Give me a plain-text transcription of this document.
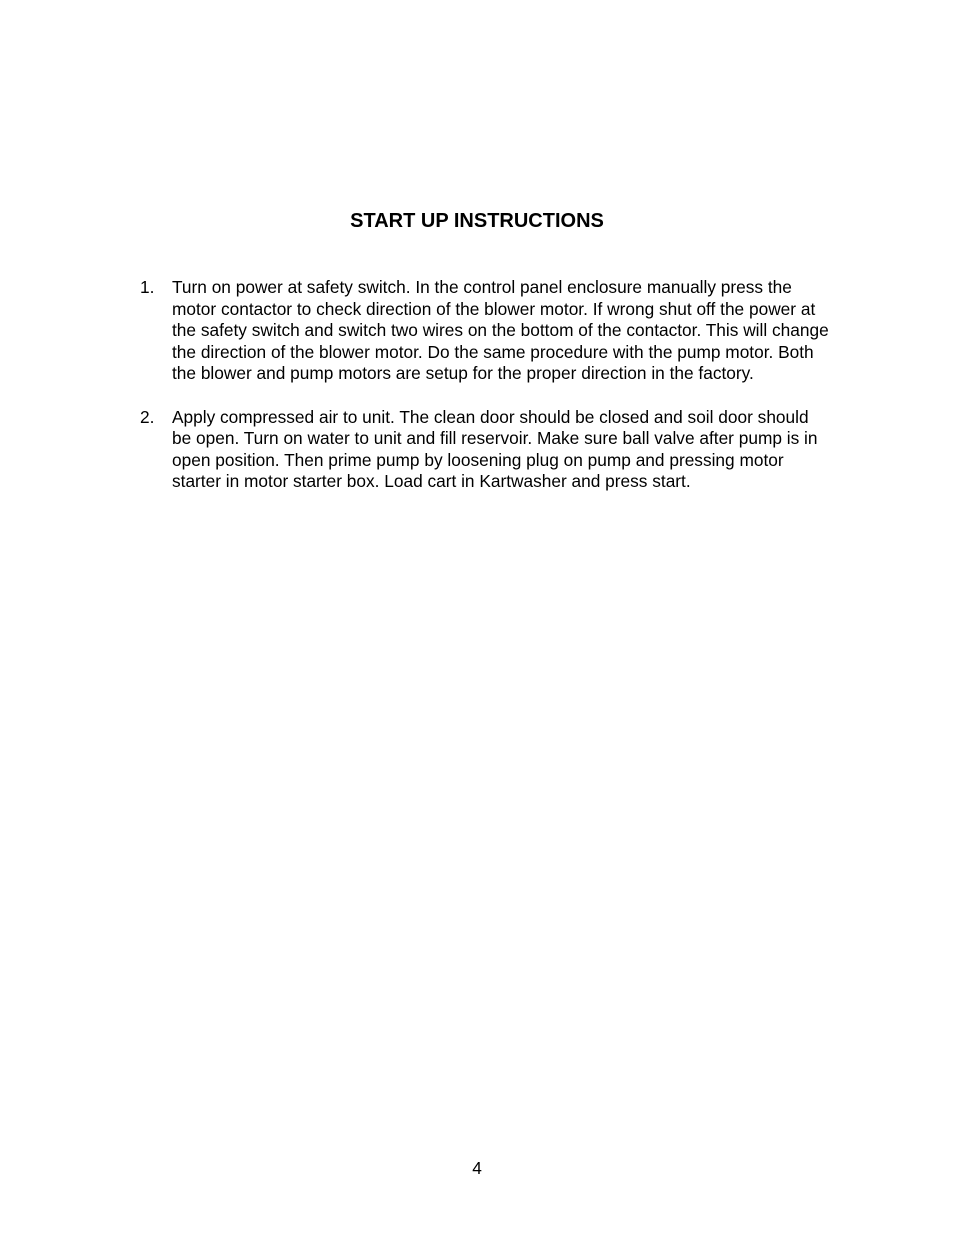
START UP INSTRUCTIONS
1. Turn on power at safety switch. In the control panel enclosure manually press the motor contactor to check direction of the blower motor. If wrong shut off the power at the safety switch and switch two wires on the bottom of the contactor. This will change the direction of the blower motor. Do the same procedure with the pump motor. Both the blower and pump motors are setup for the proper direction in the factory.
2. Apply compressed air to unit. The clean door should be closed and soil door should be open. Turn on water to unit and fill reservoir. Make sure ball valve after pump is in open position. Then prime pump by loosening plug on pump and pressing motor starter in motor starter box. Load cart in Kartwasher and press start.
4
